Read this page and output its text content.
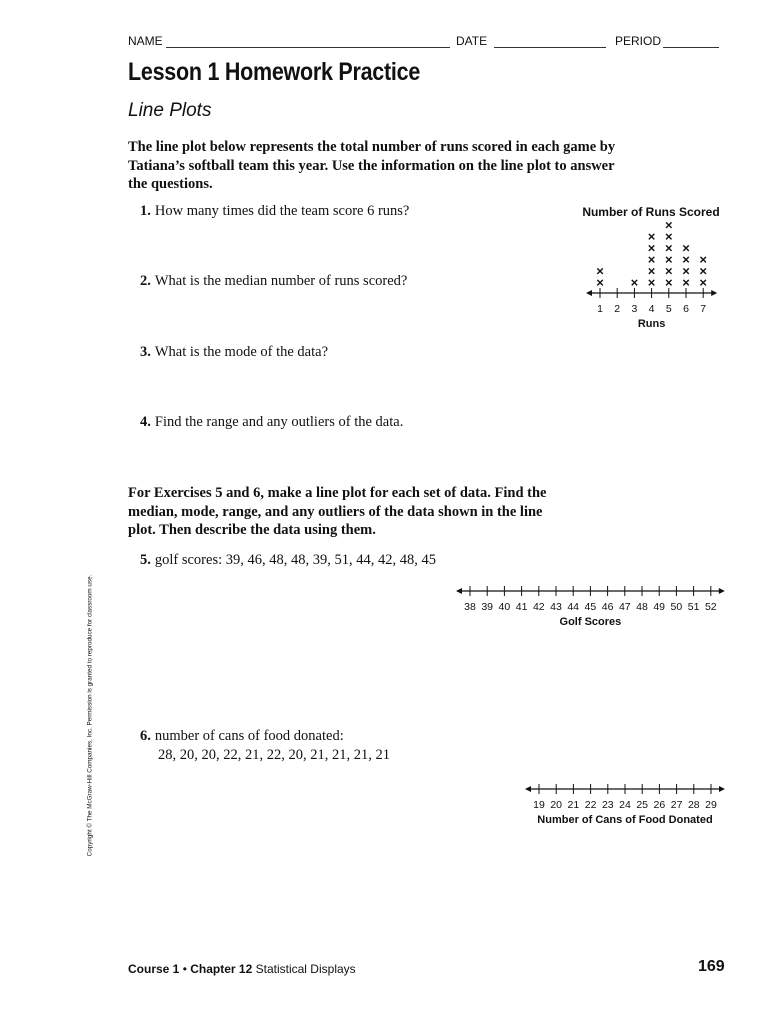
NAME	DATE	PERIOD
Lesson 1 Homework Practice
Line Plots
The line plot below represents the total number of runs scored in each game by Tatiana’s softball team this year. Use the information on the line plot to answer the questions.
1. How many times did the team score 6 runs?
2. What is the median number of runs scored?
3. What is the mode of the data?
4. Find the range and any outliers of the data.
For Exercises 5 and 6, make a line plot for each set of data. Find the median, mode, range, and any outliers of the data shown in the line plot. Then describe the data using them.
5. golf scores: 39, 46, 48, 48, 39, 51, 44, 42, 48, 45
6. number of cans of food donated:
28, 20, 20, 22, 21, 22, 20, 21, 21, 21, 21
1
×
×
2 3
×
4
×
×
×
×
×
5
×
×
×
×
×
×
6
×
×
×
×
7
×
×
×
Runs
Number of Runs Scored
38 39 40 41 42 43 44 45 46 47 48 49 50 51 52
Golf Scores
19 20 21 22 23 24 25 26 27 28 29
Number of Cans of Food Donated
Copyright © The McGraw-Hill Companies, Inc. Permission is granted to reproduce for classroom use.
Course 1 • Chapter 12 Statistical Displays	169
